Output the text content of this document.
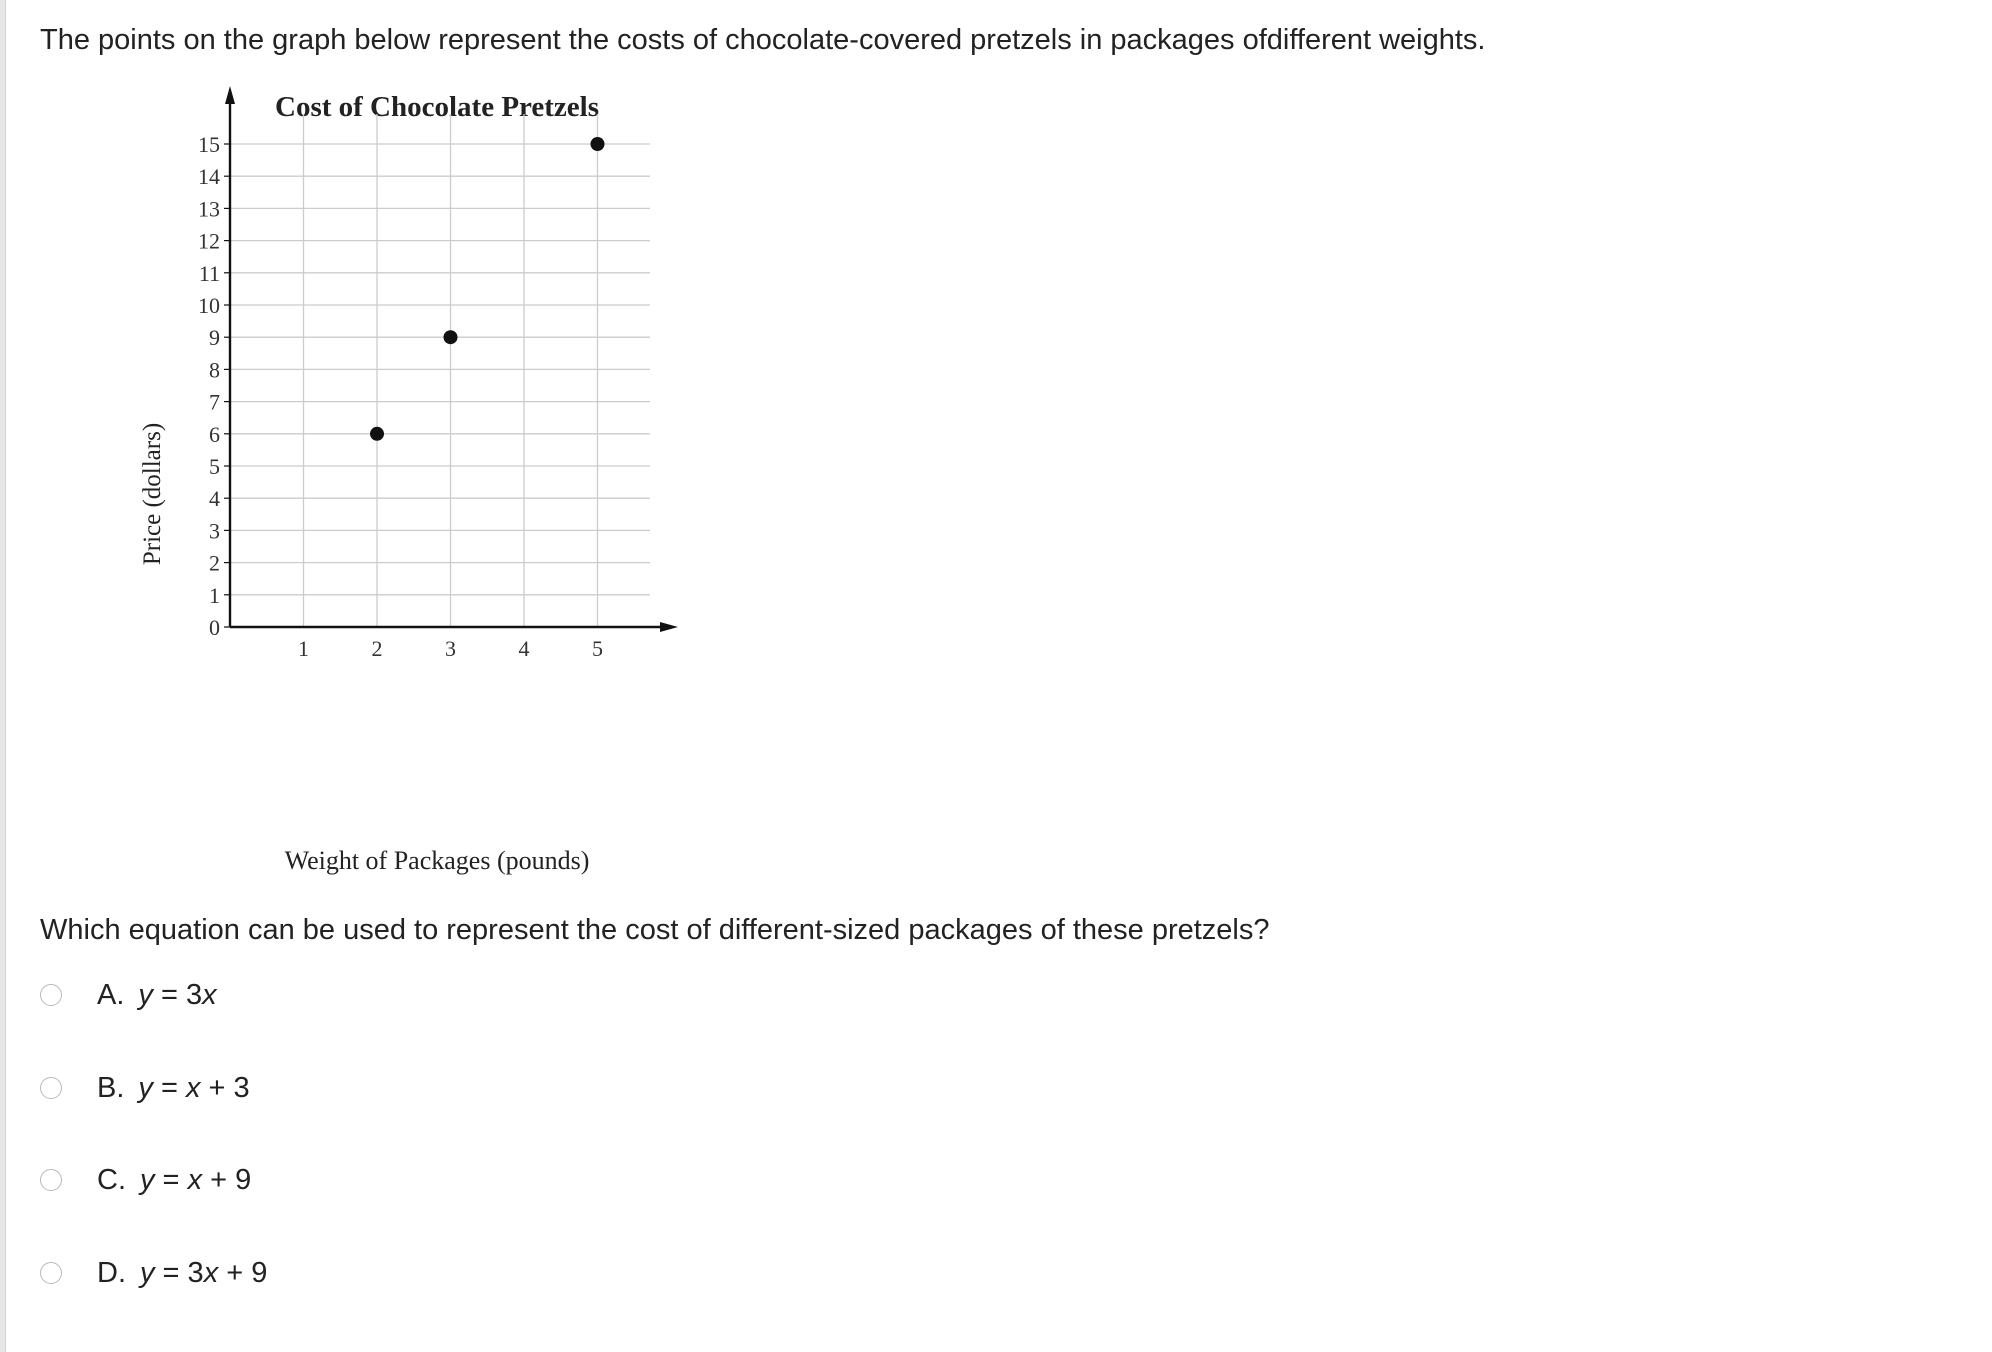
The points on the graph below represent the costs of chocolate-covered pretzels in packages ofdifferent weights.
Cost of Chocolate Pretzels
0
1
2
3
4
5
6
7
8
9
10
11
12
13
14
15
1	2	3	4	5
Weight of Packages (pounds)
Price (dollars)
Which equation can be used to represent the cost of different-sized packages of these pretzels?
A. y = 3x
B. y = x + 3
C. y = x + 9
D. y = 3x + 9
